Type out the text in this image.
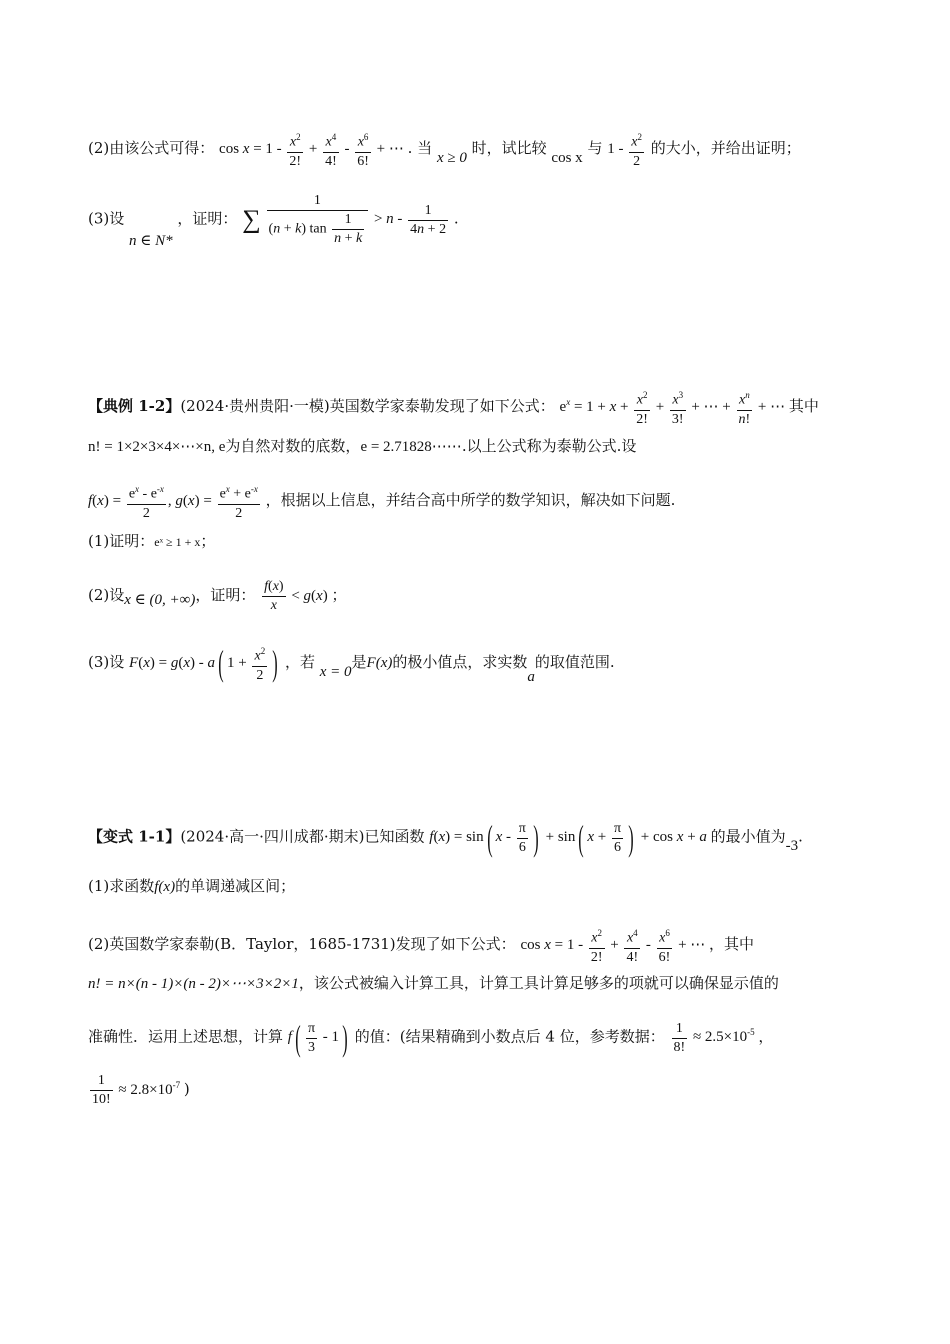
(2)由该公式可得： $\cos x = 1 - \frac{x^2}{2!} + \frac{x^4}{4!} - \frac{x^6}{6!}$ + ⋯ . 当 x ≥ 0 时，试比较 cos x 与 $1 - \frac{x^2}{2}$ 的大小，并给出证明；
(3)设 n ∈ N* ，证明： ∑ $\frac{1}{(n + k) \tan \frac{1}{n + k}} > n - \frac{1}{4n + 2}$ .
【典例 1-2】(2024·贵州贵阳·一模)英国数学家泰勒发现了如下公式： $e^x = 1 + x + \frac{x^2}{2!} + \frac{x^3}{3!}$ + ⋯ + $\frac{x^n}{n!}$ + ⋯ 其中
n! = 1×2×3×4×⋯×n, e为自然对数的底数，e = 2.71828⋯⋯.以上公式称为泰勒公式.设
$f(x) = \frac{e^x - e^{-x}}{2}$ , $g(x) = \frac{e^x + e^{-x}}{2}$ ，根据以上信息，并结合高中所学的数学知识，解决如下问题.
(1)证明：eˣ ≥ 1 + x；
(2)设x ∈ (0, +∞)，证明： $\frac{f(x)}{x} < g(x)$ ；
(3)设 F(x) = g(x) - a( $1 + \frac{x^2}{2}$ ) ，若 x = 0是F(x)的极小值点，求实数a的取值范围.
【变式 1-1】(2024·高一·四川成都·期末)已知函数 f(x) = sin( x - $\frac{\pi}{6}$ ) + sin( $x + \frac{\pi}{6}$ ) + cos x + a 的最小值为-3.
(1)求函数f(x)的单调递减区间；
(2)英国数学家泰勒(B．Taylor，1685-1731)发现了如下公式： $\cos x = 1 - \frac{x^2}{2!} + \frac{x^4}{4!} - \frac{x^6}{6!}$ + ⋯ ，其中
n! = n×(n - 1)×(n - 2)×⋯×3×2×1，该公式被编入计算工具，计算工具计算足够多的项就可以确保显示值的
准确性．运用上述思想，计算 $f( \frac{\pi}{3} - 1)$ 的值：(结果精确到小数点后 4 位，参考数据： $\frac{1}{8!} \approx 2.5\times 10^{-5}$ ，
$\frac{1}{10!} \approx 2.8\times 10^{-7}$ )
